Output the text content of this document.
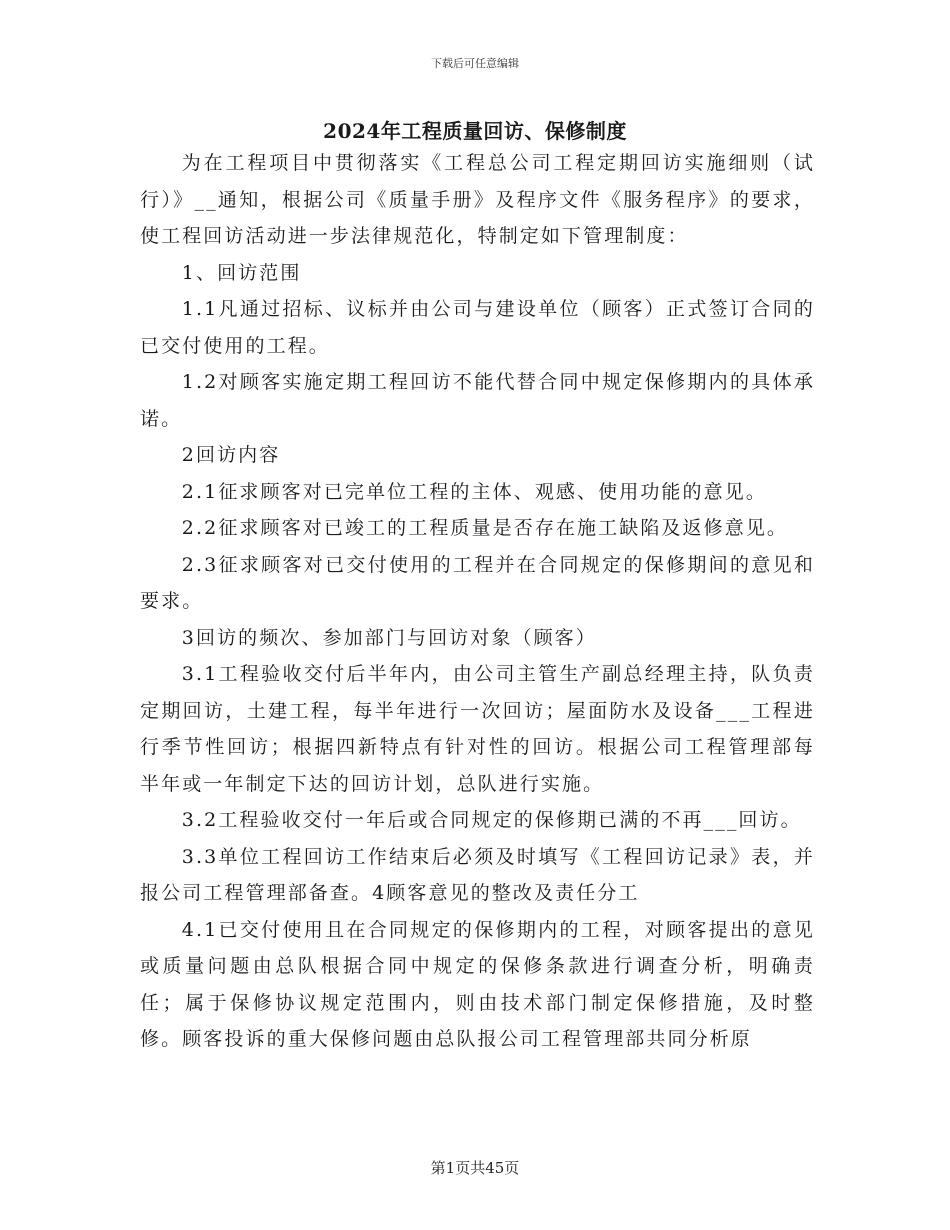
下载后可任意编辑
2024年工程质量回访、保修制度

为在工程项目中贯彻落实《工程总公司工程定期回访实施细则（试行）》__通知，根据公司《质量手册》及程序文件《服务程序》的要求，使工程回访活动进一步法律规范化，特制定如下管理制度：

1、回访范围

1.1凡通过招标、议标并由公司与建设单位（顾客）正式签订合同的已交付使用的工程。

1.2对顾客实施定期工程回访不能代替合同中规定保修期内的具体承诺。

2回访内容

2.1征求顾客对已完单位工程的主体、观感、使用功能的意见。

2.2征求顾客对已竣工的工程质量是否存在施工缺陷及返修意见。

2.3征求顾客对已交付使用的工程并在合同规定的保修期间的意见和要求。

3回访的频次、参加部门与回访对象（顾客）

3.1工程验收交付后半年内，由公司主管生产副总经理主持，队负责定期回访，土建工程，每半年进行一次回访；屋面防水及设备___工程进行季节性回访；根据四新特点有针对性的回访。根据公司工程管理部每半年或一年制定下达的回访计划，总队进行实施。

3.2工程验收交付一年后或合同规定的保修期已满的不再___回访。

3.3单位工程回访工作结束后必须及时填写《工程回访记录》表，并报公司工程管理部备查。4顾客意见的整改及责任分工

4.1已交付使用且在合同规定的保修期内的工程，对顾客提出的意见或质量问题由总队根据合同中规定的保修条款进行调查分析，明确责任；属于保修协议规定范围内，则由技术部门制定保修措施，及时整修。顾客投诉的重大保修问题由总队报公司工程管理部共同分析原

第1页共45页
